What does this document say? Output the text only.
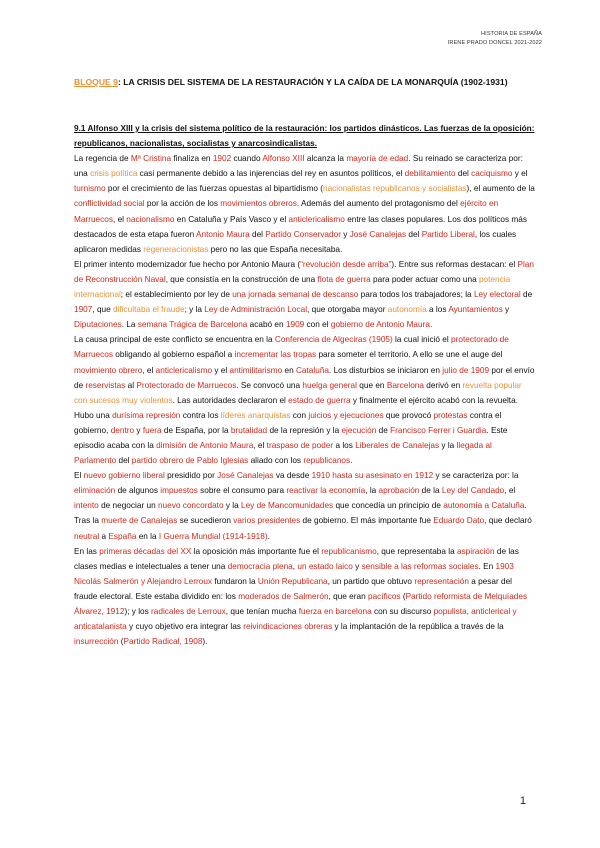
HISTORIA DE ESPAÑA
IRENE PRADO DONCEL 2021-2022
BLOQUE 9: LA CRISIS DEL SISTEMA DE LA RESTAURACIÓN Y LA CAÍDA DE LA MONARQUÍA (1902-1931)

9.1 Alfonso XIII y la crisis del sistema político de la restauración: los partidos dinásticos. Las fuerzas de la oposición: republicanos, nacionalistas, socialistas y anarcosindicalistas.

La regencia de Mª Cristina finaliza en 1902 cuando Alfonso XIII alcanza la mayoría de edad. Su reinado se caracteriza por: una crisis política casi permanente debido a las injerencias del rey en asuntos políticos, el debilitamiento del caciquismo y el turnismo por el crecimiento de las fuerzas opuestas al bipartidismo (nacionalistas republicanos y socialistas), el aumento de la conflictividad social por la acción de los movimientos obreros. Además del aumento del protagonismo del ejército en Marruecos, el nacionalismo en Cataluña y País Vasco y el anticlericalismo entre las clases populares. Los dos políticos más destacados de esta etapa fueron Antonio Maura del Partido Conservador y José Canalejas del Partido Liberal, los cuales aplicaron medidas regeneracionistas pero no las que España necesitaba.

El primer intento modernizador fue hecho por Antonio Maura (“revolución desde arriba”). Entre sus reformas destacan: el Plan de Reconstrucción Naval, que consistía en la construcción de una flota de guerra para poder actuar como una potencia internacional; el establecimiento por ley de una jornada semanal de descanso para todos los trabajadores; la Ley electoral de 1907, que dificultaba el fraude; y la Ley de Administración Local, que otorgaba mayor autonomía a los Ayuntamientos y Diputaciones. La semana Trágica de Barcelona acabó en 1909 con el gobierno de Antonio Maura.

La causa principal de este conflicto se encuentra en la Conferencia de Algeciras (1905) la cual inició el protectorado de Marruecos obligando al gobierno español a incrementar las tropas para someter el territorio. A ello se une el auge del movimiento obrero, el anticlericalismo y el antimilitarismo en Cataluña. Los disturbios se iniciaron en julio de 1909 por el envío de reservistas al Protectorado de Marruecos. Se convocó una huelga general que en Barcelona derivó en revuelta popular con sucesos muy violentos. Las autoridades declararon el estado de guerra y finalmente el ejército acabó con la revuelta. Hubo una durísima represión contra los líderes anarquistas con juicios y ejecuciones que provocó protestas contra el gobierno, dentro y fuera de España, por la brutalidad de la represión y la ejecución de Francisco Ferrer i Guardia. Este episodio acaba con la dimisión de Antonio Maura, el traspaso de poder a los Liberales de Canalejas y la llegada al Parlamento del partido obrero de Pablo Iglesias aliado con los republicanos.

El nuevo gobierno liberal presidido por José Canalejas va desde 1910 hasta su asesinato en 1912 y se caracteriza por: la eliminación de algunos impuestos sobre el consumo para reactivar la economía, la aprobación de la Ley del Candado, el intento de negociar un nuevo concordato y la Ley de Mancomunidades que concedía un principio de autonomía a Cataluña. Tras la muerte de Canalejas se sucedieron varios presidentes de gobierno. El más importante fue Eduardo Dato, que declaró neutral a España en la I Guerra Mundial (1914-1918).

En las primeras décadas del XX la oposición más importante fue el republicanismo, que representaba la aspiración de las clases medias e intelectuales a tener una democracia plena, un estado laico y sensible a las reformas sociales. En 1903 Nicolás Salmerón y Alejandro Lerroux fundaron la Unión Republicana, un partido que obtuvo representación a pesar del fraude electoral. Este estaba dividido en: los moderados de Salmerón, que eran pacíficos (Partido reformista de Melquíades Álvarez, 1912); y los radicales de Lerroux, que tenían mucha fuerza en barcelona con su discurso populista, anticlerical y anticatalanista y cuyo objetivo era integrar las reivindicaciones obreras y la implantación de la república a través de la insurrección (Partido Radical, 1908).

1
